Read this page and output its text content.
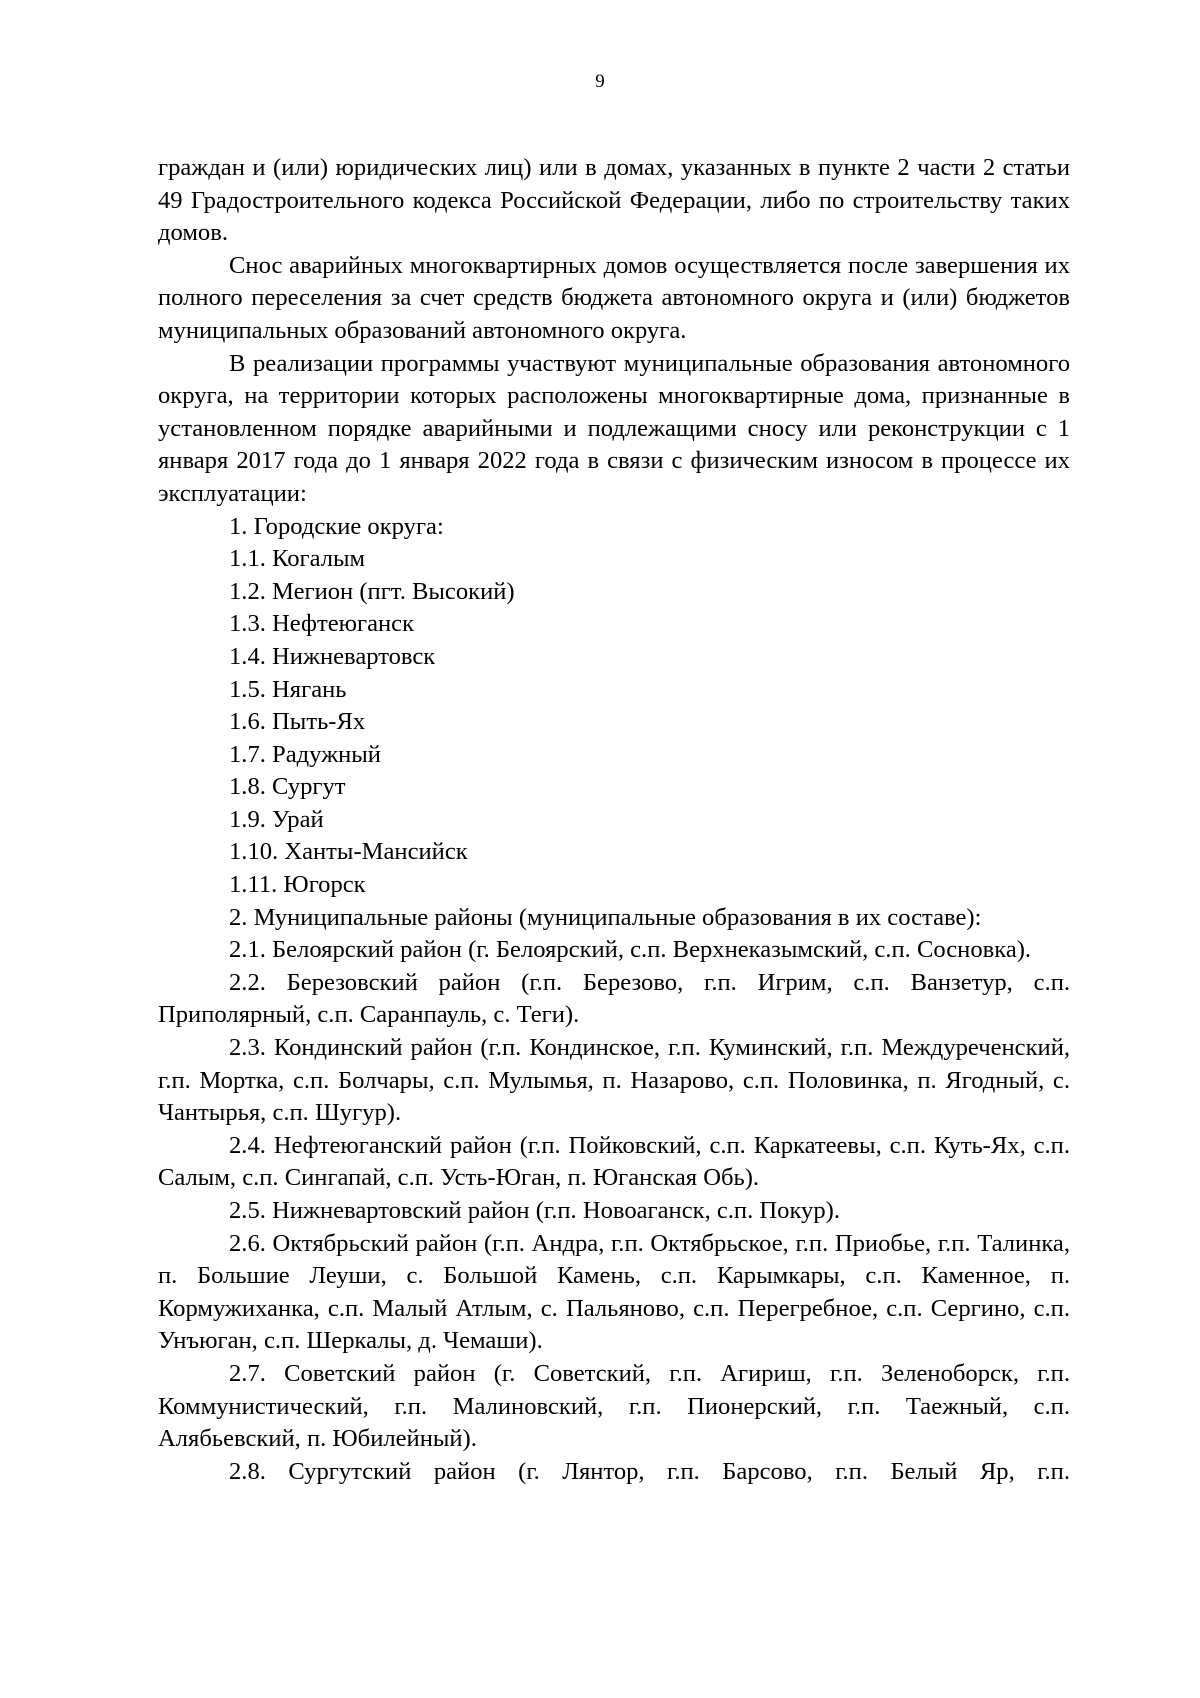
9

граждан и (или) юридических лиц) или в домах, указанных в пункте 2 части 2 статьи 49 Градостроительного кодекса Российской Федерации, либо по строительству таких домов.

Снос аварийных многоквартирных домов осуществляется после завершения их полного переселения за счет средств бюджета автономного округа и (или) бюджетов муниципальных образований автономного округа.

В реализации программы участвуют муниципальные образования автономного округа, на территории которых расположены многоквартирные дома, признанные в установленном порядке аварийными и подлежащими сносу или реконструкции с 1 января 2017 года до 1 января 2022 года в связи с физическим износом в процессе их эксплуатации:

1. Городские округа:

1.1. Когалым

1.2. Мегион (пгт. Высокий)

1.3. Нефтеюганск

1.4. Нижневартовск

1.5. Нягань

1.6. Пыть-Ях

1.7. Радужный

1.8. Сургут

1.9. Урай

1.10. Ханты-Мансийск

1.11. Югорск

2. Муниципальные районы (муниципальные образования в их составе):

2.1. Белоярский район (г. Белоярский, с.п. Верхнеказымский, с.п. Сосновка).

2.2. Березовский район (г.п. Березово, г.п. Игрим, с.п. Ванзетур, с.п. Приполярный, с.п. Саранпауль, с. Теги).

2.3. Кондинский район (г.п. Кондинское, г.п. Куминский, г.п. Междуреченский, г.п. Мортка, с.п. Болчары, с.п. Мулымья, п. Назарово, с.п. Половинка, п. Ягодный, с. Чантырья, с.п. Шугур).

2.4. Нефтеюганский район (г.п. Пойковский, с.п. Каркатеевы, с.п. Куть-Ях, с.п. Салым, с.п. Сингапай, с.п. Усть-Юган, п. Юганская Обь).

2.5. Нижневартовский район (г.п. Новоаганск, с.п. Покур).

2.6. Октябрьский район (г.п. Андра, г.п. Октябрьское, г.п. Приобье, г.п. Талинка, п. Большие Леуши, с. Большой Камень, с.п. Карымкары, с.п. Каменное, п. Кормужиханка, с.п. Малый Атлым, с. Пальяново, с.п. Перегребное, с.п. Сергино, с.п. Унъюган, с.п. Шеркалы, д. Чемаши).

2.7. Советский район (г. Советский, г.п. Агириш, г.п. Зеленоборск, г.п. Коммунистический, г.п. Малиновский, г.п. Пионерский, г.п. Таежный, с.п. Алябьевский, п. Юбилейный).

2.8. Сургутский район (г. Лянтор, г.п. Барсово, г.п. Белый Яр, г.п.
